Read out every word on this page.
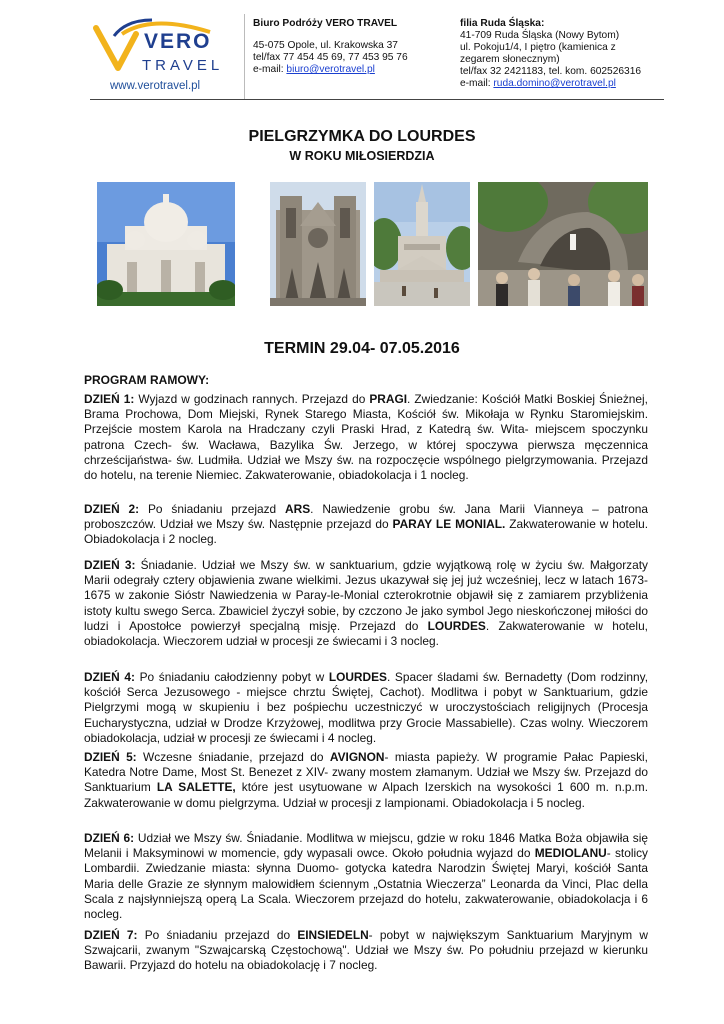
VERO
TRAVEL
www.verotravel.pl
Biuro Podróży VERO TRAVEL
45-075 Opole, ul. Krakowska 37
tel/fax 77 454 45 69, 77 453 95 76
e-mail: biuro@verotravel.pl
filia Ruda Śląska:
41-709 Ruda Śląska (Nowy Bytom)
ul. Pokoju1/4, I piętro (kamienica z
zegarem słonecznym)
tel/fax 32 2421183, tel. kom. 602526316
e-mail: ruda.domino@verotravel.pl
PIELGRZYMKA DO LOURDES
W ROKU MIŁOSIERDZIA
TERMIN 29.04- 07.05.2016
PROGRAM RAMOWY:

DZIEŃ 1: Wyjazd w godzinach rannych. Przejazd do PRAGI. Zwiedzanie: Kościół Matki Boskiej Śnieżnej, Brama Prochowa, Dom Miejski, Rynek Starego Miasta, Kościół św. Mikołaja w Rynku Staromiejskim. Przejście mostem Karola na Hradczany czyli Praski Hrad, z Katedrą św. Wita- miejscem spoczynku patrona Czech- św. Wacława, Bazylika Św. Jerzego, w której spoczywa pierwsza męczennica chrześcijaństwa- św. Ludmiła. Udział we Mszy św. na rozpoczęcie wspólnego pielgrzymowania. Przejazd do hotelu, na terenie Niemiec. Zakwaterowanie, obiadokolacja i 1 nocleg.

DZIEŃ 2: Po śniadaniu przejazd ARS. Nawiedzenie grobu św. Jana Marii Vianneya – patrona proboszczów. Udział we Mszy św. Następnie przejazd do PARAY LE MONIAL. Zakwaterowanie w hotelu. Obiadokolacja i 2 nocleg.

DZIEŃ 3: Śniadanie. Udział we Mszy św. w sanktuarium, gdzie wyjątkową rolę w życiu św. Małgorzaty Marii odegrały cztery objawienia zwane wielkimi. Jezus ukazywał się jej już wcześniej, lecz w latach 1673-1675 w zakonie Sióstr Nawiedzenia w Paray-le-Monial czterokrotnie objawił się z zamiarem przybliżenia istoty kultu swego Serca. Zbawiciel życzył sobie, by czczono Je jako symbol Jego nieskończonej miłości do ludzi i Apostołce powierzył specjalną misję. Przejazd do LOURDES. Zakwaterowanie w hotelu, obiadokolacja. Wieczorem udział w procesji ze świecami i 3 nocleg.

DZIEŃ 4: Po śniadaniu całodzienny pobyt w LOURDES. Spacer śladami św. Bernadetty (Dom rodzinny, kościół Serca Jezusowego - miejsce chrztu Świętej, Cachot). Modlitwa i pobyt w Sanktuarium, gdzie Pielgrzymi mogą w skupieniu i bez pośpiechu uczestniczyć w uroczystościach religijnych (Procesja Eucharystyczna, udział w Drodze Krzyżowej, modlitwa przy Grocie Massabielle). Czas wolny. Wieczorem obiadokolacja, udział w procesji ze świecami i 4 nocleg.

DZIEŃ 5: Wczesne śniadanie, przejazd do AVIGNON- miasta papieży. W programie Pałac Papieski, Katedra Notre Dame, Most St. Benezet z XIV- zwany mostem złamanym. Udział we Mszy św. Przejazd do Sanktuarium LA SALETTE, które jest usytuowane w Alpach Izerskich na wysokości 1 600 m. n.p.m. Zakwaterowanie w domu pielgrzyma. Udział w procesji z lampionami. Obiadokolacja i 5 nocleg.

DZIEŃ 6: Udział we Mszy św. Śniadanie. Modlitwa w miejscu, gdzie w roku 1846 Matka Boża objawiła się Melanii i Maksyminowi w momencie, gdy wypasali owce. Około południa wyjazd do MEDIOLANU- stolicy Lombardii. Zwiedzanie miasta: słynna Duomo- gotycka katedra Narodzin Świętej Maryi, kościół Santa Maria delle Grazie ze słynnym malowidłem ściennym „Ostatnia Wieczerza” Leonarda da Vinci, Plac della Scala z najsłynniejszą operą La Scala. Wieczorem przejazd do hotelu, zakwaterowanie, obiadokolacja i 6 nocleg.

DZIEŃ 7: Po śniadaniu przejazd do EINSIEDELN- pobyt w największym Sanktuarium Maryjnym w Szwajcarii, zwanym "Szwajcarską Częstochową". Udział we Mszy św. Po południu przejazd w kierunku Bawarii. Przyjazd do hotelu na obiadokolację i 7 nocleg.
